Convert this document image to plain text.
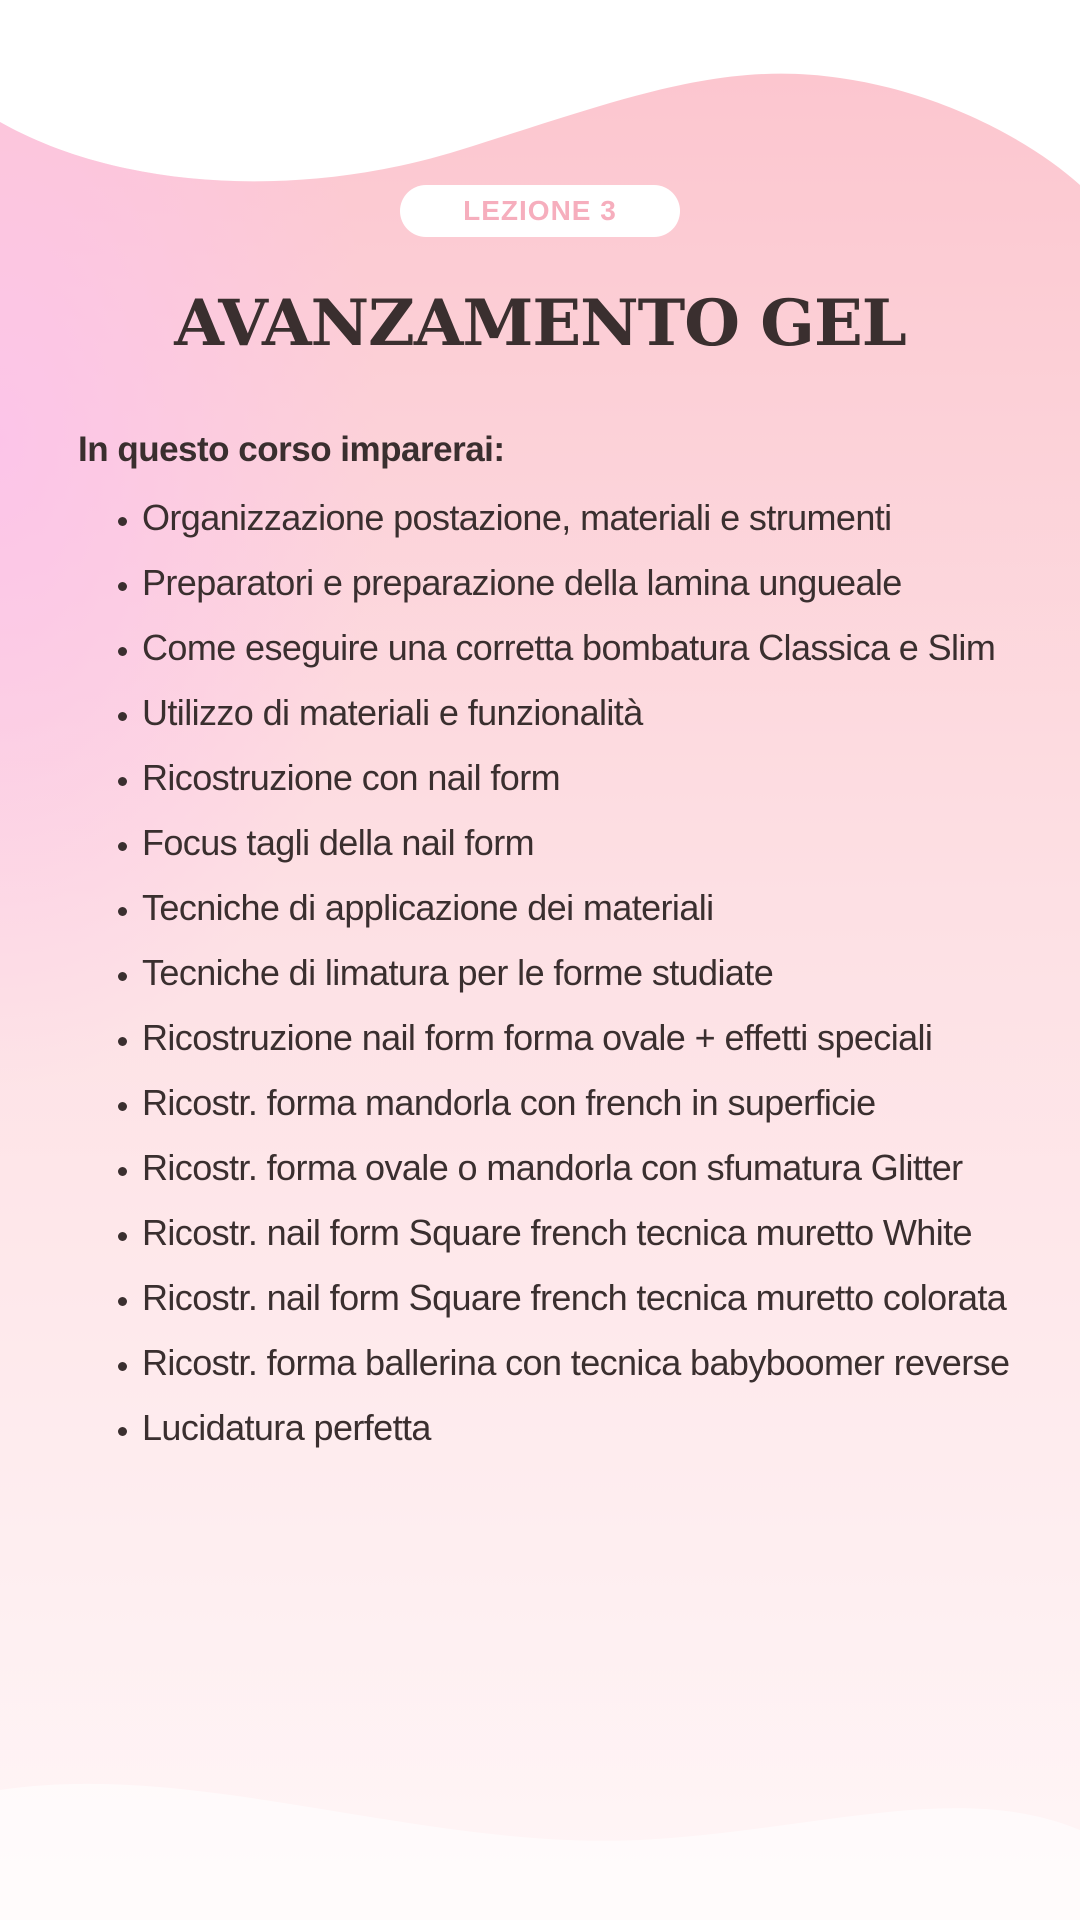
LEZIONE 3
AVANZAMENTO GEL
In questo corso imparerai:
• Organizzazione postazione, materiali e strumenti
• Preparatori e preparazione della lamina ungueale
• Come eseguire una corretta bombatura Classica e Slim
• Utilizzo di materiali e funzionalità
• Ricostruzione con nail form
• Focus tagli della nail form
• Tecniche di applicazione dei materiali
• Tecniche di limatura per le forme studiate
• Ricostruzione nail form forma ovale + effetti speciali
• Ricostr. forma mandorla con french in superficie
• Ricostr. forma ovale o mandorla con sfumatura Glitter
• Ricostr. nail form Square french tecnica muretto White
• Ricostr. nail form Square french tecnica muretto colorata
• Ricostr. forma ballerina con tecnica babyboomer reverse
• Lucidatura perfetta
